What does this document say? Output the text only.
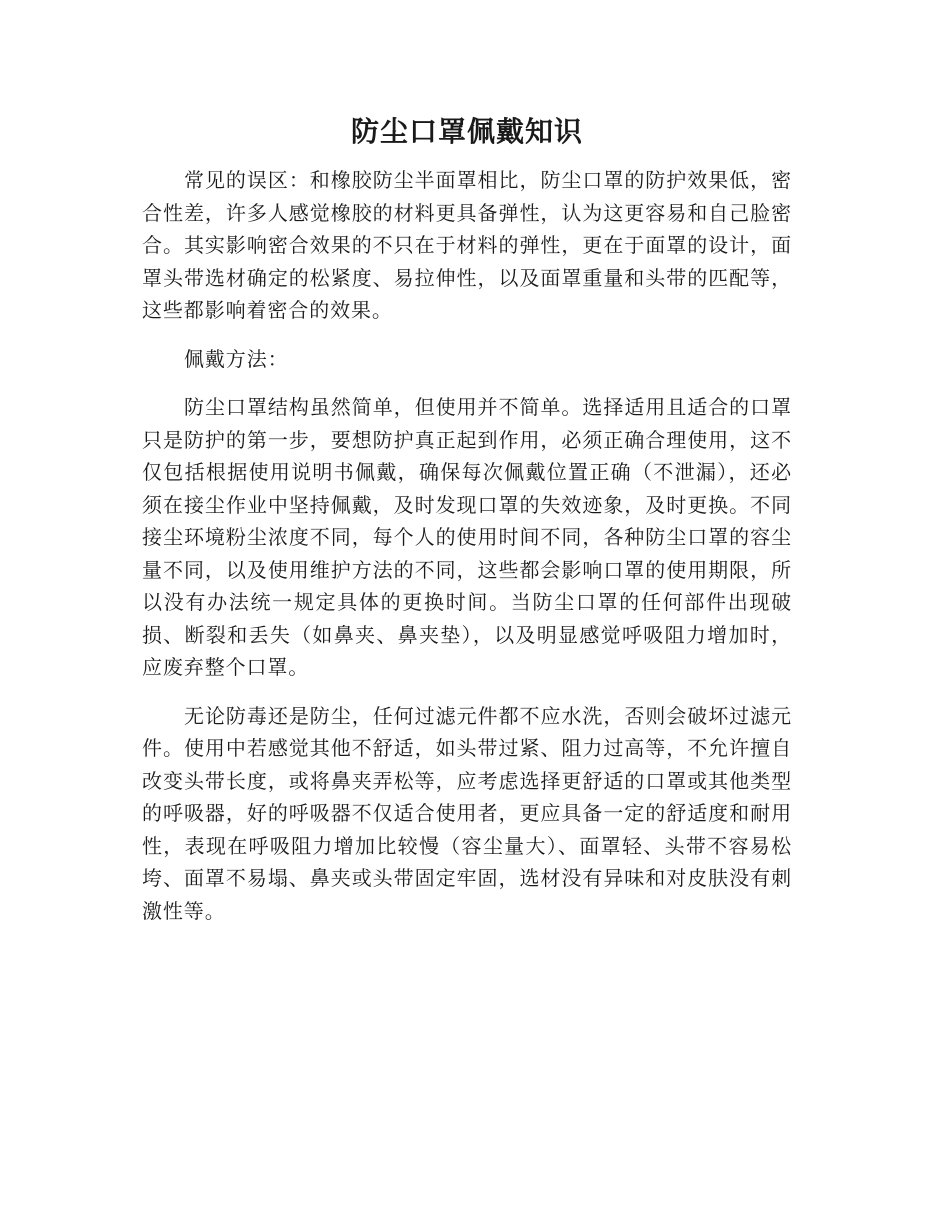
防尘口罩佩戴知识

常见的误区：和橡胶防尘半面罩相比，防尘口罩的防护效果低，密合性差，许多人感觉橡胶的材料更具备弹性，认为这更容易和自己脸密合。其实影响密合效果的不只在于材料的弹性，更在于面罩的设计，面罩头带选材确定的松紧度、易拉伸性，以及面罩重量和头带的匹配等，这些都影响着密合的效果。

佩戴方法：

防尘口罩结构虽然简单，但使用并不简单。选择适用且适合的口罩只是防护的第一步，要想防护真正起到作用，必须正确合理使用，这不仅包括根据使用说明书佩戴，确保每次佩戴位置正确（不泄漏），还必须在接尘作业中坚持佩戴，及时发现口罩的失效迹象，及时更换。不同接尘环境粉尘浓度不同，每个人的使用时间不同，各种防尘口罩的容尘量不同，以及使用维护方法的不同，这些都会影响口罩的使用期限，所以没有办法统一规定具体的更换时间。当防尘口罩的任何部件出现破损、断裂和丢失（如鼻夹、鼻夹垫），以及明显感觉呼吸阻力增加时，应废弃整个口罩。

无论防毒还是防尘，任何过滤元件都不应水洗，否则会破坏过滤元件。使用中若感觉其他不舒适，如头带过紧、阻力过高等，不允许擅自改变头带长度，或将鼻夹弄松等，应考虑选择更舒适的口罩或其他类型的呼吸器，好的呼吸器不仅适合使用者，更应具备一定的舒适度和耐用性，表现在呼吸阻力增加比较慢（容尘量大）、面罩轻、头带不容易松垮、面罩不易塌、鼻夹或头带固定牢固，选材没有异味和对皮肤没有刺激性等。
